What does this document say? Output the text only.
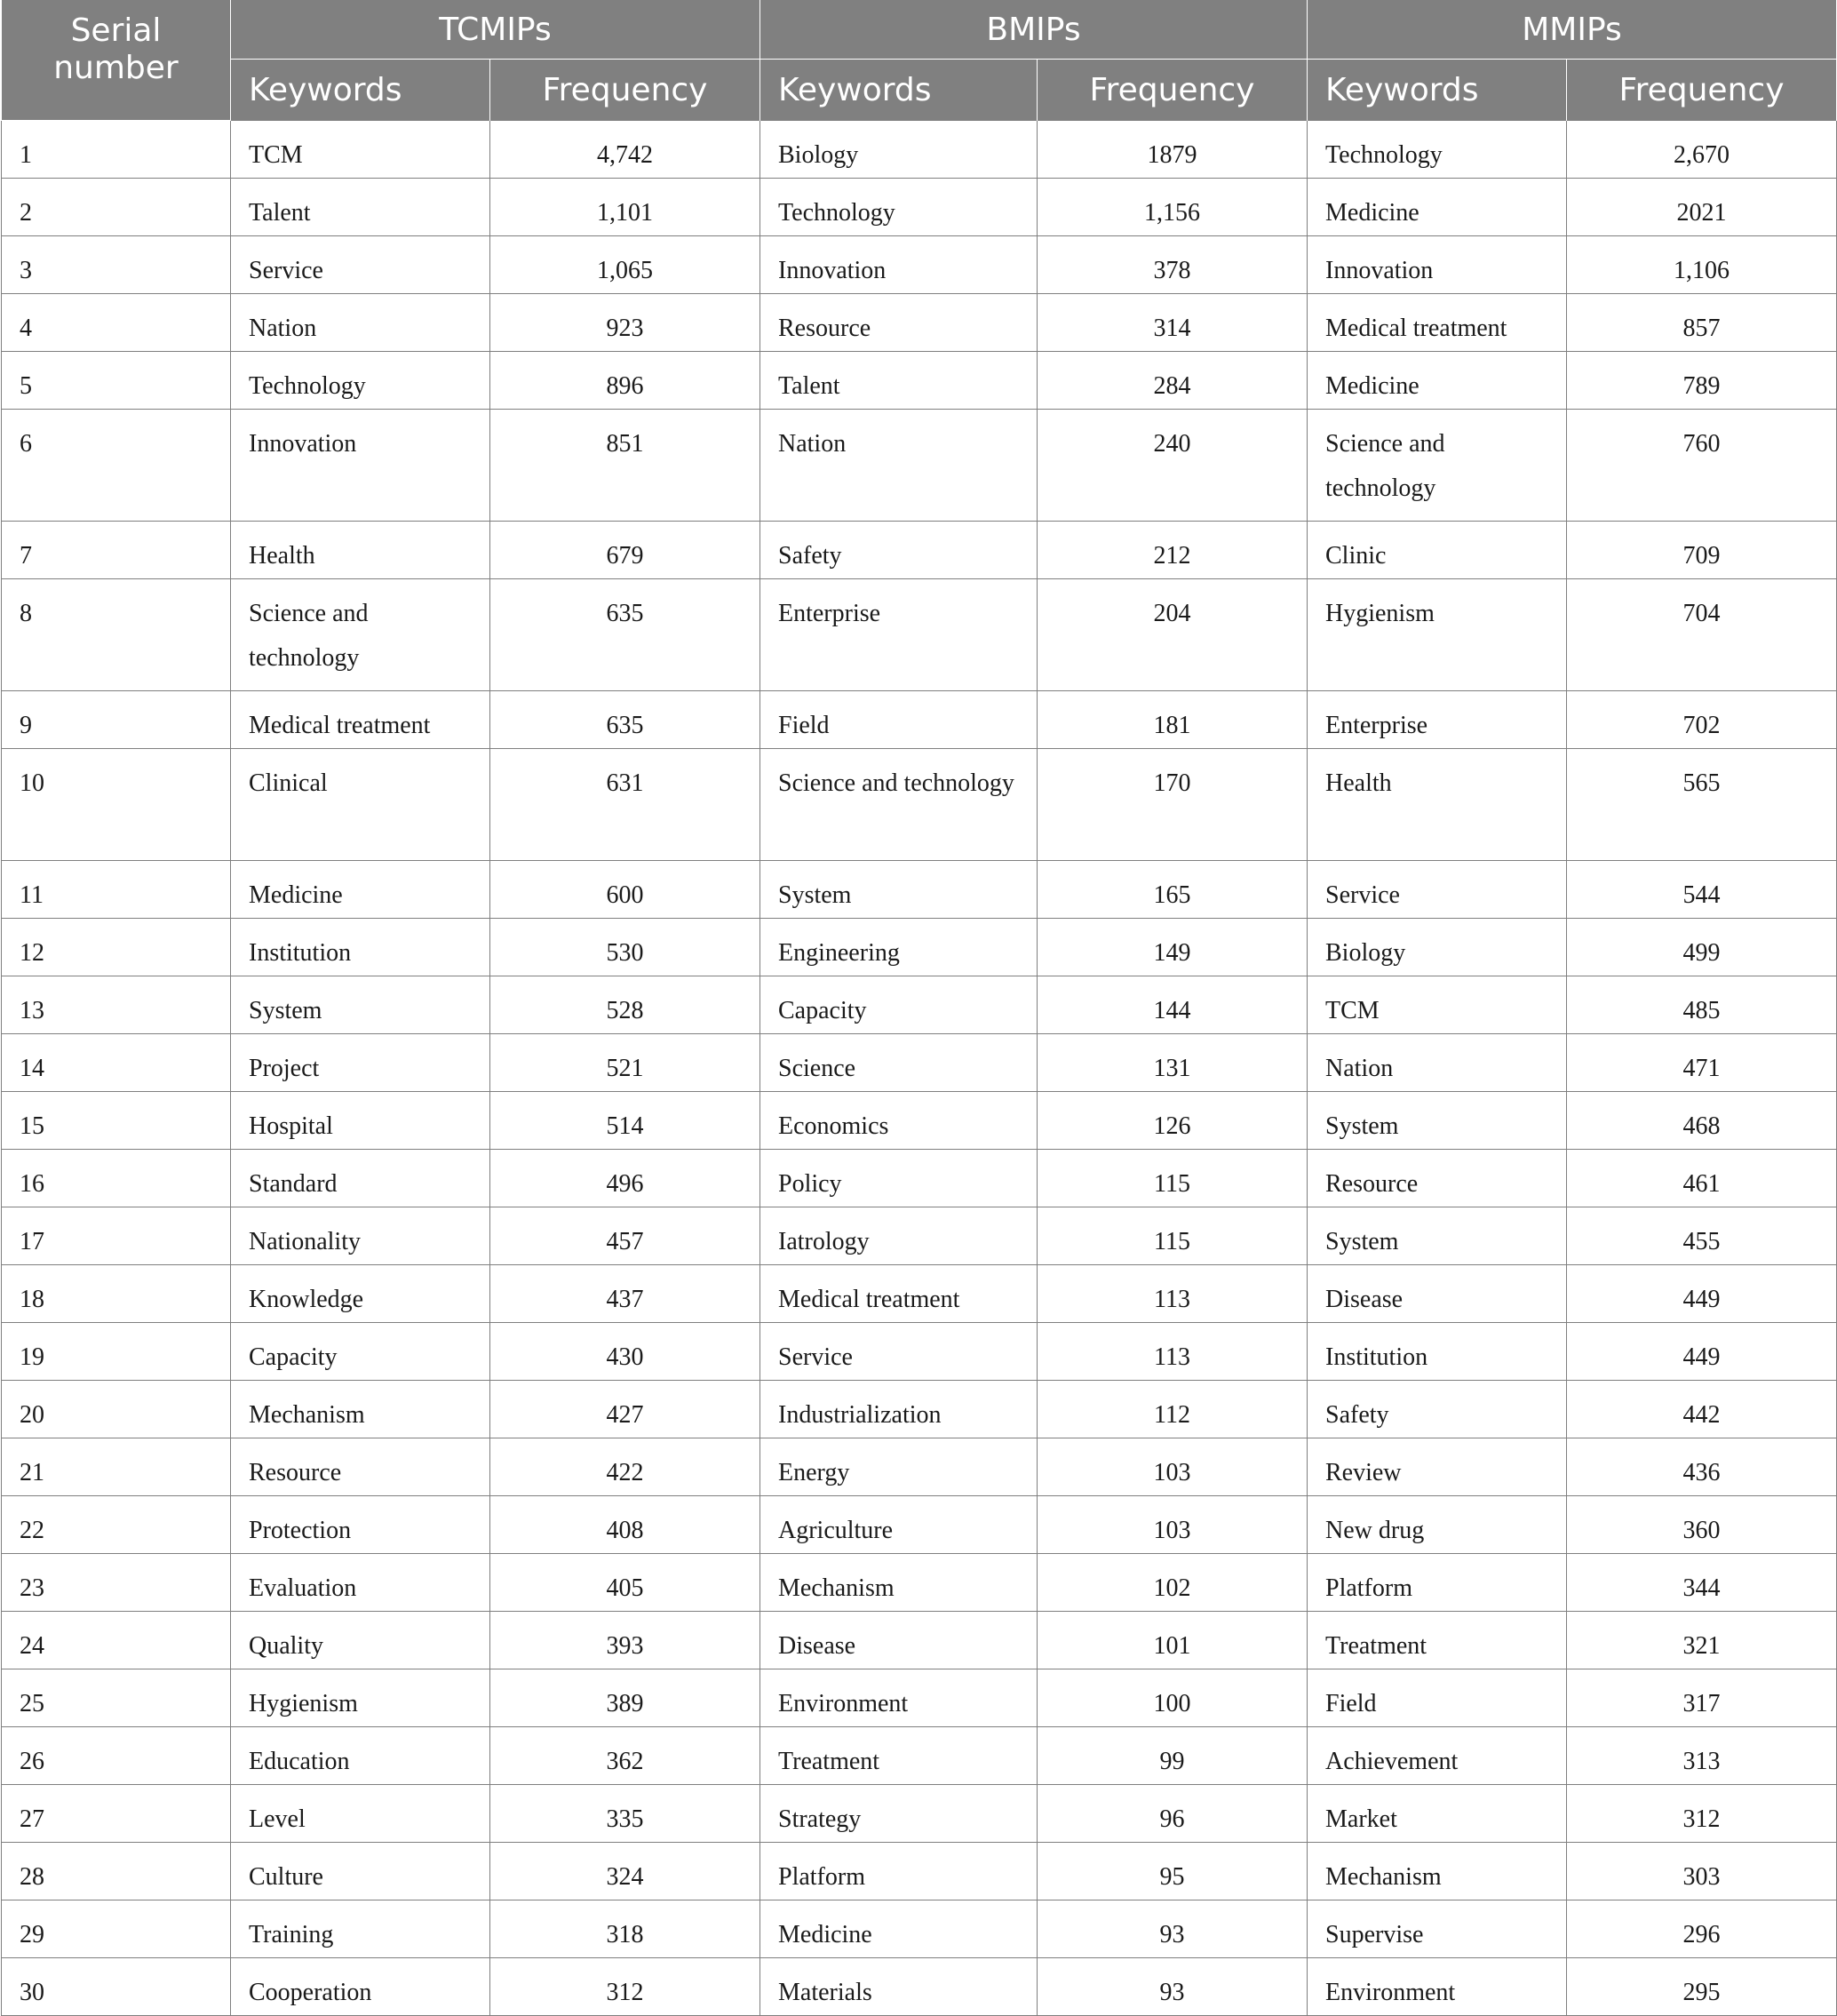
Serial number	TCMIPs		BMIPs		MMIPs	
	Keywords	Frequency	Keywords	Frequency	Keywords	Frequency
1	TCM	4,742	Biology	1879	Technology	2,670
2	Talent	1,101	Technology	1,156	Medicine	2021
3	Service	1,065	Innovation	378	Innovation	1,106
4	Nation	923	Resource	314	Medical treatment	857
5	Technology	896	Talent	284	Medicine	789
6	Innovation	851	Nation	240	Science and technology	760
7	Health	679	Safety	212	Clinic	709
8	Science and technology	635	Enterprise	204	Hygienism	704
9	Medical treatment	635	Field	181	Enterprise	702
10	Clinical	631	Science and technology	170	Health	565
11	Medicine	600	System	165	Service	544
12	Institution	530	Engineering	149	Biology	499
13	System	528	Capacity	144	TCM	485
14	Project	521	Science	131	Nation	471
15	Hospital	514	Economics	126	System	468
16	Standard	496	Policy	115	Resource	461
17	Nationality	457	Iatrology	115	System	455
18	Knowledge	437	Medical treatment	113	Disease	449
19	Capacity	430	Service	113	Institution	449
20	Mechanism	427	Industrialization	112	Safety	442
21	Resource	422	Energy	103	Review	436
22	Protection	408	Agriculture	103	New drug	360
23	Evaluation	405	Mechanism	102	Platform	344
24	Quality	393	Disease	101	Treatment	321
25	Hygienism	389	Environment	100	Field	317
26	Education	362	Treatment	99	Achievement	313
27	Level	335	Strategy	96	Market	312
28	Culture	324	Platform	95	Mechanism	303
29	Training	318	Medicine	93	Supervise	296
30	Cooperation	312	Materials	93	Environment	295
